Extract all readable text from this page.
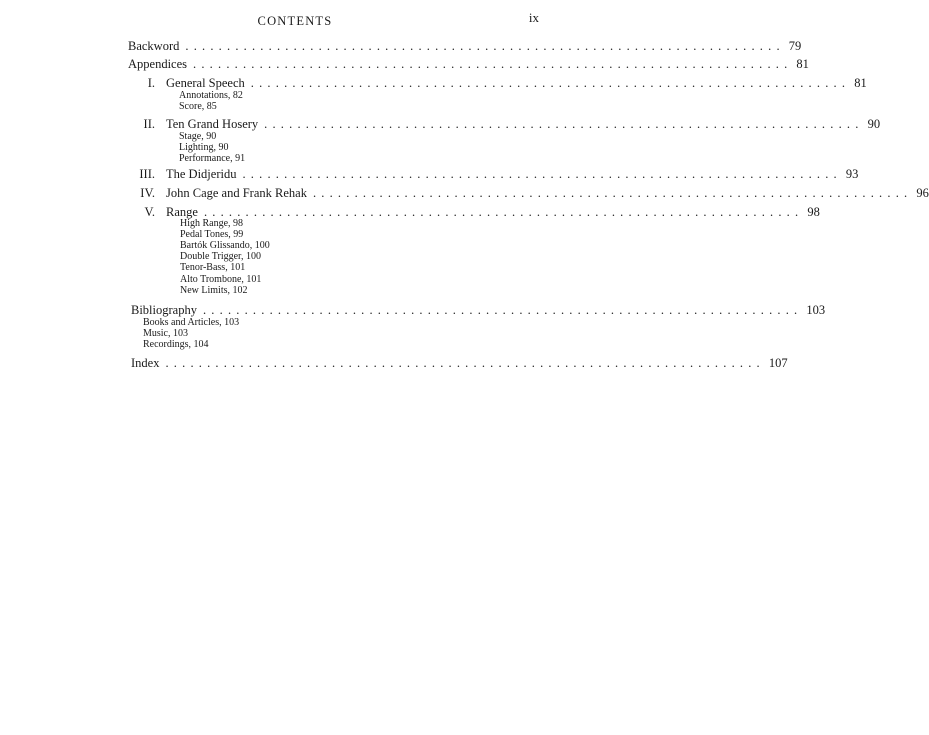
CONTENTS	ix
Backword ........................................................................ 79
Appendices ........................................................................ 81
I. General Speech ........................................................................ 81
Annotations, 82
Score, 85
II. Ten Grand Hosery ........................................................................ 90
Stage, 90
Lighting, 90
Performance, 91
III. The Didjeridu ........................................................................ 93
IV. John Cage and Frank Rehak ........................................................................ 96
V. Range ........................................................................ 98
High Range, 98
Pedal Tones, 99
Bartók Glissando, 100
Double Trigger, 100
Tenor-Bass, 101
Alto Trombone, 101
New Limits, 102
Bibliography ........................................................................ 103
Books and Articles, 103
Music, 103
Recordings, 104
Index ........................................................................ 107
